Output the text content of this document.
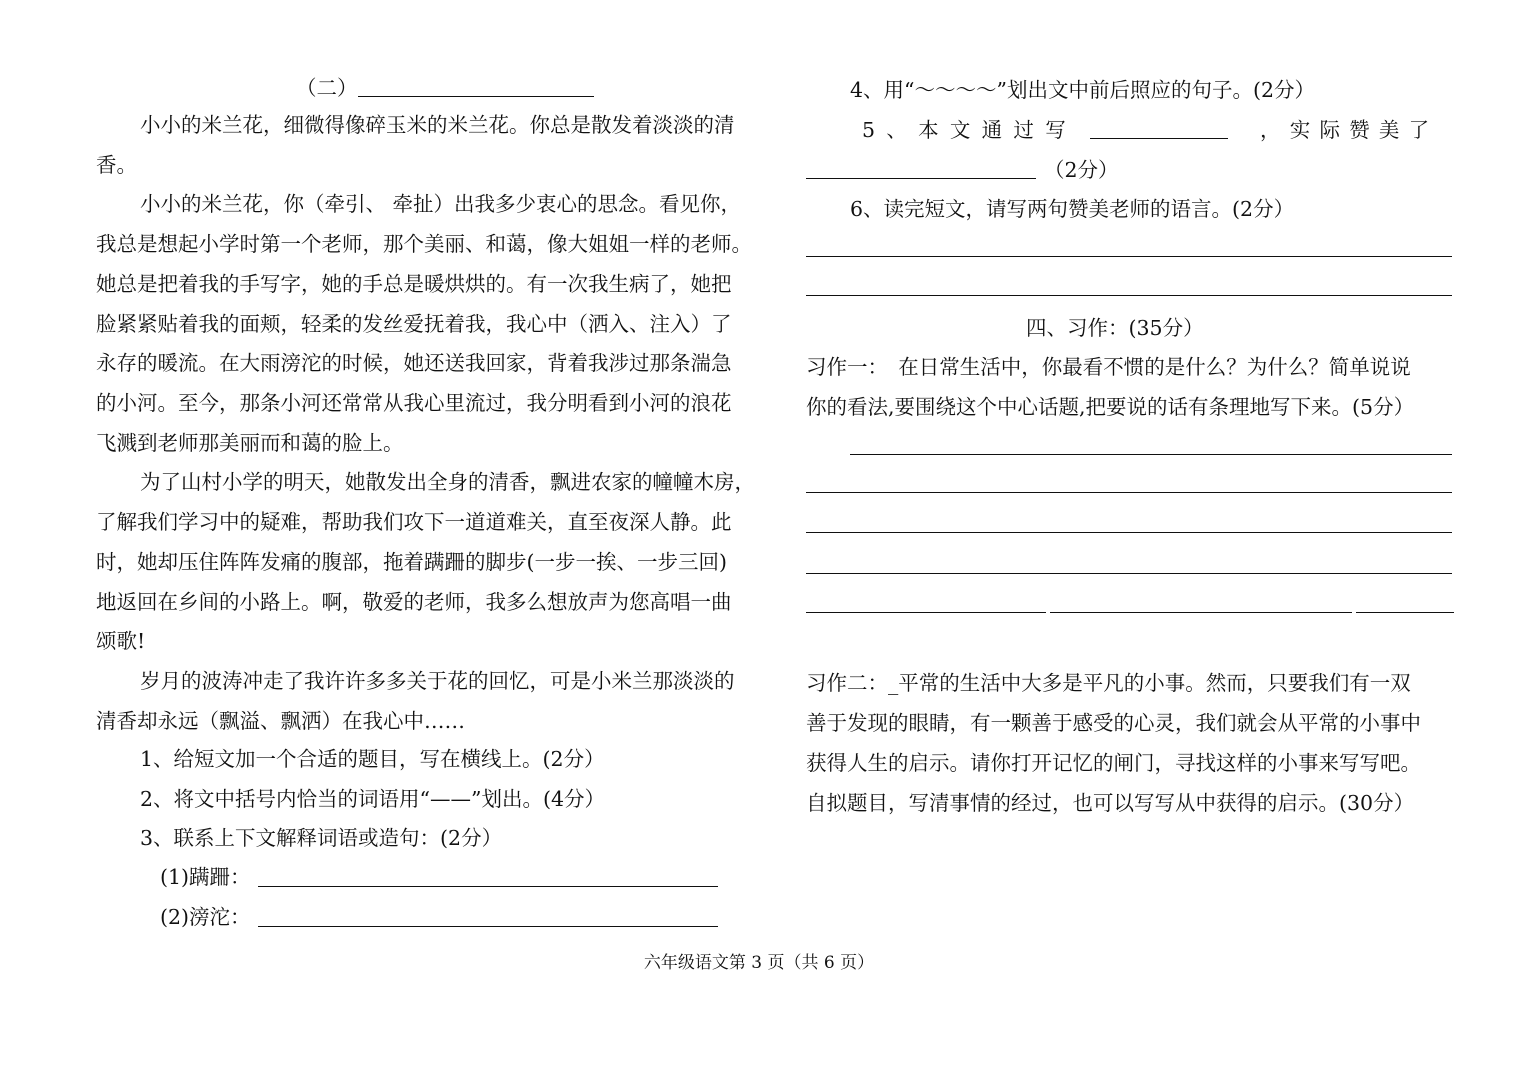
（二）
小小的米兰花，细微得像碎玉米的米兰花。你总是散发着淡淡的清
香。
小小的米兰花，你（牵引、 牵扯）出我多少衷心的思念。看见你，
我总是想起小学时第一个老师，那个美丽、和蔼，像大姐姐一样的老师。
她总是把着我的手写字，她的手总是暖烘烘的。有一次我生病了，她把
脸紧紧贴着我的面颊，轻柔的发丝爱抚着我，我心中（洒入、注入）了
永存的暖流。在大雨滂沱的时候，她还送我回家，背着我涉过那条湍急
的小河。至今，那条小河还常常从我心里流过，我分明看到小河的浪花
飞溅到老师那美丽而和蔼的脸上。
为了山村小学的明天，她散发出全身的清香，飘进农家的幢幢木房，
了解我们学习中的疑难，帮助我们攻下一道道难关，直至夜深人静。此
时，她却压住阵阵发痛的腹部，拖着蹒跚的脚步(一步一挨、一步三回)
地返回在乡间的小路上。啊，敬爱的老师，我多么想放声为您高唱一曲
颂歌!
岁月的波涛冲走了我许许多多关于花的回忆，可是小米兰那淡淡的
清香却永远（飘溢、飘洒）在我心中……
1、给短文加一个合适的题目，写在横线上。(2分）
2、将文中括号内恰当的词语用“——”划出。(4分）
3、联系上下文解释词语或造句：(2分）
(1)蹒跚：
(2)滂沱：
4、用“～～～～”划出文中前后照应的句子。(2分）
5、本文通过写	，实际赞美了
（2分）
6、读完短文，请写两句赞美老师的语言。(2分）
四、习作：(35分）
习作一：　在日常生活中，你最看不惯的是什么？为什么？简单说说
你的看法,要围绕这个中心话题,把要说的话有条理地写下来。(5分）
习作二：_平常的生活中大多是平凡的小事。然而，只要我们有一双
善于发现的眼睛，有一颗善于感受的心灵，我们就会从平常的小事中
获得人生的启示。请你打开记忆的闸门，寻找这样的小事来写写吧。
自拟题目，写清事情的经过，也可以写写从中获得的启示。(30分）
六年级语文第 3 页（共 6 页）
